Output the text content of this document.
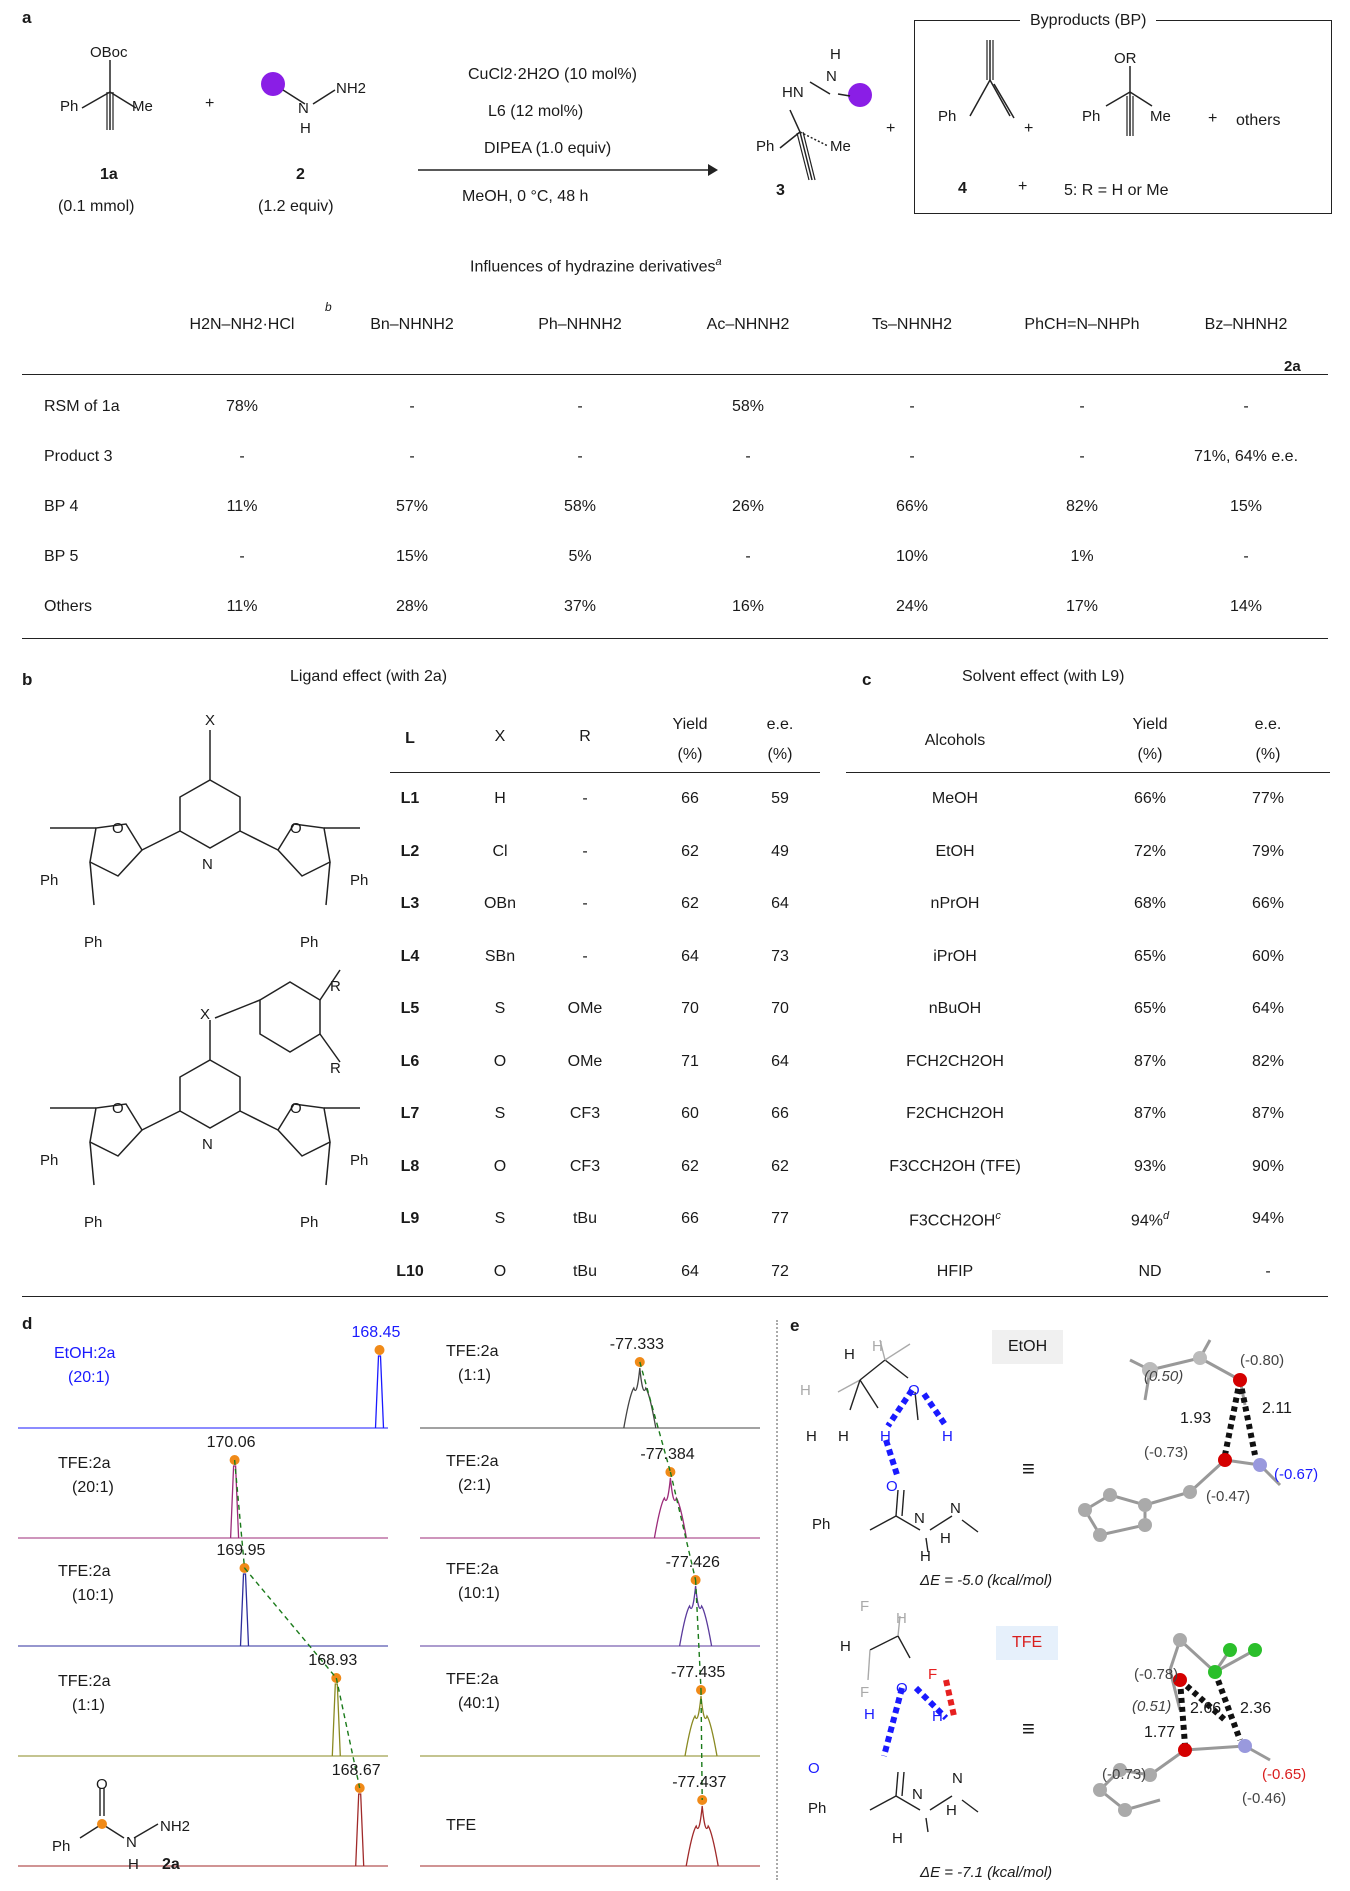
a
OBoc
Ph	Me
1a
(0.1 mmol)
+	N
NH2
H
2
(1.2 equiv)
CuCl2·2H2O (10 mol%)
L6 (12 mol%)
DIPEA (1.0 equiv)
MeOH, 0 °C, 48 h
H
HN
N
Ph	Me
3
+
Byproducts (BP)
Ph
+
4
+
OR
Ph	Me
5: R = H or Me
+ others
Influences of hydrazine derivatives$^a$
H2N–NH2·HCl	Bn–NHNH2	Ph–NHNH2	Ac–NHNH2	Ts–NHNH2	PhCH=N–NHPh	Bz–NHNH2
b
2a
RSM of 1a	78%	-	-	58%	-	-	-
Product 3	-	-	-	-	-	-	71%, 64% e.e.
BP 4	11%	57%	58%	26%	66%	82%	15%
BP 5	-	15%	5%	-	10%	1%	-
Others	11%	28%	37%	16%	24%	17%	14%
b	Ligand effect (with 2a)
X
N
O	O
Ph
Ph
Ph
Ph
R
R
X
N
O	O
Ph
Ph
Ph
Ph
L	X	R
Yield
(%)
e.e.
(%)
L1	H	-	66	59
L2	Cl	-	62	49
L3	OBn	-	62	64
L4	SBn	-	64	73
L5	S	OMe	70	70
L6	O	OMe	71	64
L7	S	CF3	60	66
L8	O	CF3	62	62
L9	S	tBu	66	77
L10	O	tBu	64	72
c	Solvent effect (with L9)
Alcohols
Yield
(%)
e.e.
(%)
MeOH	66%	77%
EtOH	72%	79%
nPrOH	68%	66%
iPrOH	65%	60%
nBuOH	65%	64%
FCH2CH2OH	87%	82%
F2CHCH2OH	87%	87%
F3CCH2OH (TFE)	93%	90%
$F3CCH2OH^c$	94%$^d$	94%
HFIP	ND	-
d	168.45
EtOH:2a
(20:1)
170.06
TFE:2a
(20:1)
169.95
TFE:2a
(10:1)
168.93
TFE:2a
(1:1)
168.67
-77.333
TFE:2a
(1:1)
-77.384
TFE:2a
(2:1)
-77.426
TFE:2a
(10:1)
-77.435
TFE:2a
(40:1)
-77.437
TFE
O
Ph	N
NH2
H 2a
e
H
H
H
H H
O
H	H
O
Ph	N
N
H
H
EtOH
≡
ΔE = -5.0 (kcal/mol)
(-0.80)
(0.50)
(-0.73)
(-0.67)
(-0.47)
1.93
2.11
F
H
H
F
F
O
H	H
O
Ph
N
N
H
H
TFE
≡
ΔE = -7.1 (kcal/mol)
(-0.78)
(0.51)
(-0.73)	(-0.65)
(-0.46)
1.77
2.66 2.36
